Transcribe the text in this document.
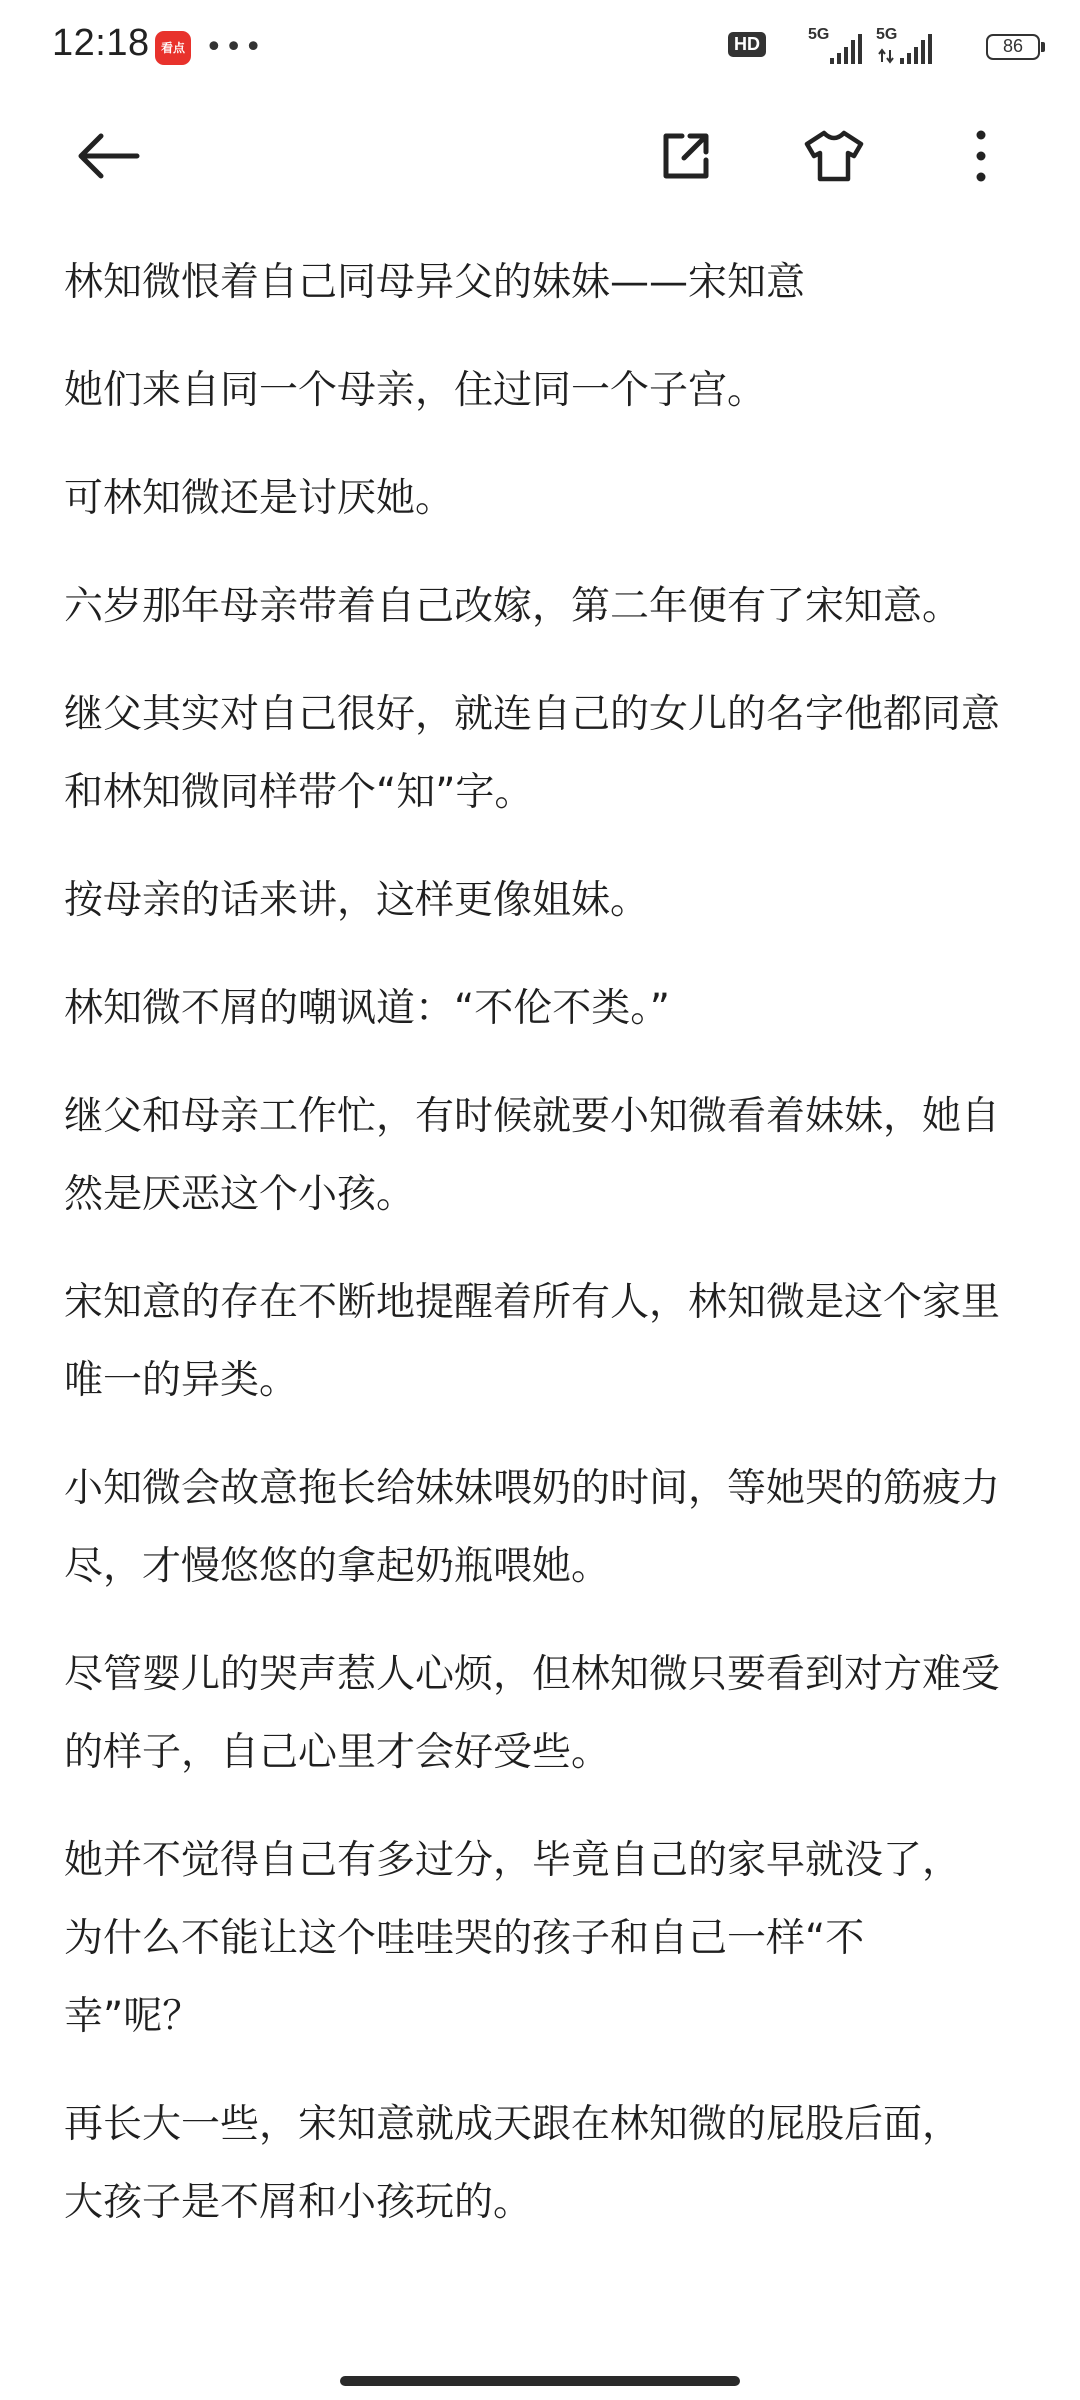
12:18 看点 •••	HD	5G	5G
86

林知微恨着自己同母异父的妹妹——宋知意

她们来自同一个母亲，住过同一个子宫。

可林知微还是讨厌她。

六岁那年母亲带着自己改嫁，第二年便有了宋知意。

继父其实对自己很好，就连自己的女儿的名字他都同意和林知微同样带个“知”字。

按母亲的话来讲，这样更像姐妹。

林知微不屑的嘲讽道：“不伦不类。”

继父和母亲工作忙，有时候就要小知微看着妹妹，她自然是厌恶这个小孩。

宋知意的存在不断地提醒着所有人，林知微是这个家里唯一的异类。

小知微会故意拖长给妹妹喂奶的时间，等她哭的筋疲力尽，才慢悠悠的拿起奶瓶喂她。

尽管婴儿的哭声惹人心烦，但林知微只要看到对方难受的样子，自己心里才会好受些。

她并不觉得自己有多过分，毕竟自己的家早就没了，为什么不能让这个哇哇哭的孩子和自己一样“不幸”呢？

再长大一些，宋知意就成天跟在林知微的屁股后面，大孩子是不屑和小孩玩的。
